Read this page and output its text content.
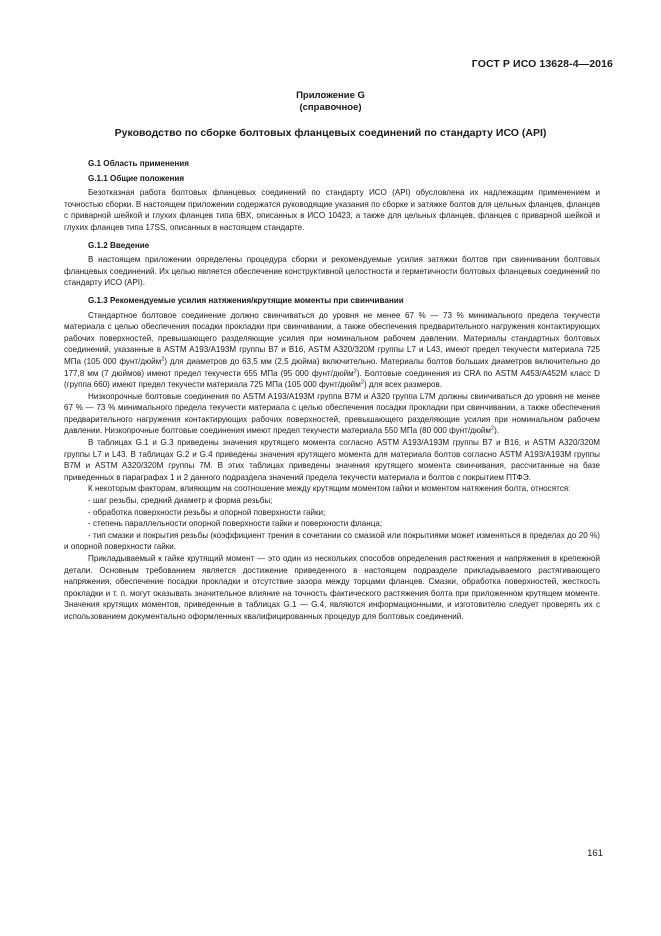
ГОСТ Р ИСО 13628-4—2016
Приложение G
(справочное)
Руководство по сборке болтовых фланцевых соединений по стандарту ИСО (API)
G.1 Область применения
G.1.1 Общие положения

Безотказная работа болтовых фланцевых соединений по стандарту ИСО (API) обусловлена их надлежащим применением и точностью сборки. В настоящем приложении содержатся руководящие указания по сборке и затяжке болтов для цельных фланцев, фланцев с приварной шейкой и глухих фланцев типа 6BX, описанных в ИСО 10423, а также для цельных фланцев, фланцев с приварной шейкой и глухих фланцев типа 17SS, описанных в настоящем стандарте.

G.1.2 Введение

В настоящем приложении определены процедура сборки и рекомендуемые усилия затяжки болтов при свинчивании болтовых фланцевых соединений. Их целью является обеспечение конструктивной целостности и герметичности болтовых фланцевых соединений по стандарту ИСО (API).

G.1.3 Рекомендуемые усилия натяжения/крутящие моменты при свинчивании

Стандартное болтовое соединение должно свинчиваться до уровня не менее 67 % — 73 % минимального предела текучести материала с целью обеспечения посадки прокладки при свинчивании, а также обеспечения предварительного нагружения контактирующих рабочих поверхностей, превышающего разделяющие усилия при номинальном рабочем давлении. Материалы стандартных болтовых соединений, указанные в ASTM A193/A193M группы B7 и B16, ASTM A320/320M группы L7 и L43, имеют предел текучести материала 725 МПа (105 000 фунт/дюйм$^2$) для диаметров до 63,5 мм (2,5 дюйма) включительно. Материалы болтов больших диаметров включительно до 177,8 мм (7 дюймов) имеют предел текучести 655 МПа (95 000 фунт/дюйм$^2$). Болтовые соединения из CRA по ASTM A453/A452M класс D (группа 660) имеют предел текучести материала 725 МПа (105 000 фунт/дюйм$^2$) для всех размеров.

Низкопрочные болтовые соединения по ASTM A193/A193M группа B7M и A320 группа L7M должны свинчиваться до уровня не менее 67 % — 73 % минимального предела текучести материала с целью обеспечения посадки прокладки при свинчивании, а также обеспечения предварительного нагружения контактирующих рабочих поверхностей, превышающего разделяющие усилия при номинальном рабочем давлении. Низкопрочные болтовые соединения имеют предел текучести материала 550 МПа (80 000 фунт/дюйм$^2$).

В таблицах G.1 и G.3 приведены значения крутящего момента согласно ASTM A193/A193M группы B7 и B16, и ASTM A320/320M группы L7 и L43. В таблицах G.2 и G.4 приведены значения крутящего момента для материала болтов согласно ASTM A193/A193M группы B7M и ASTM A320/320M группы 7M. В этих таблицах приведены значения крутящего момента свинчивания, рассчитанные на базе приведенных в параграфах 1 и 2 данного подраздела значений предела текучести материала и болтов с покрытием ПТФЭ.

К некоторым факторам, влияющим на соотношение между крутящим моментом гайки и моментом натяжения болта, относятся:

- шаг резьбы, средний диаметр и форма резьбы;

- обработка поверхности резьбы и опорной поверхности гайки;

- степень параллельности опорной поверхности гайки и поверхности фланца;

- тип смазки и покрытия резьбы (коэффициент трения в сочетании со смазкой или покрытиями может изменяться в пределах до 20 %) и опорной поверхности гайки.

Прикладываемый к гайке крутящий момент — это один из нескольких способов определения растяжения и напряжения в крепежной детали. Основным требованием является достижение приведенного в настоящем подразделе прикладываемого растягивающего напряжения, обеспечение посадки прокладки и отсутствие зазора между торцами фланцев. Смазки, обработка поверхностей, жесткость прокладки и т. п. могут оказывать значительное влияние на точность фактического растяжения болта при приложенном крутящем моменте. Значения крутящих моментов, приведенные в таблицах G.1 — G.4, являются информационными, и изготовителю следует проверять их с использованием документально оформленных квалифицированных процедур для болтовых соединений.

161
